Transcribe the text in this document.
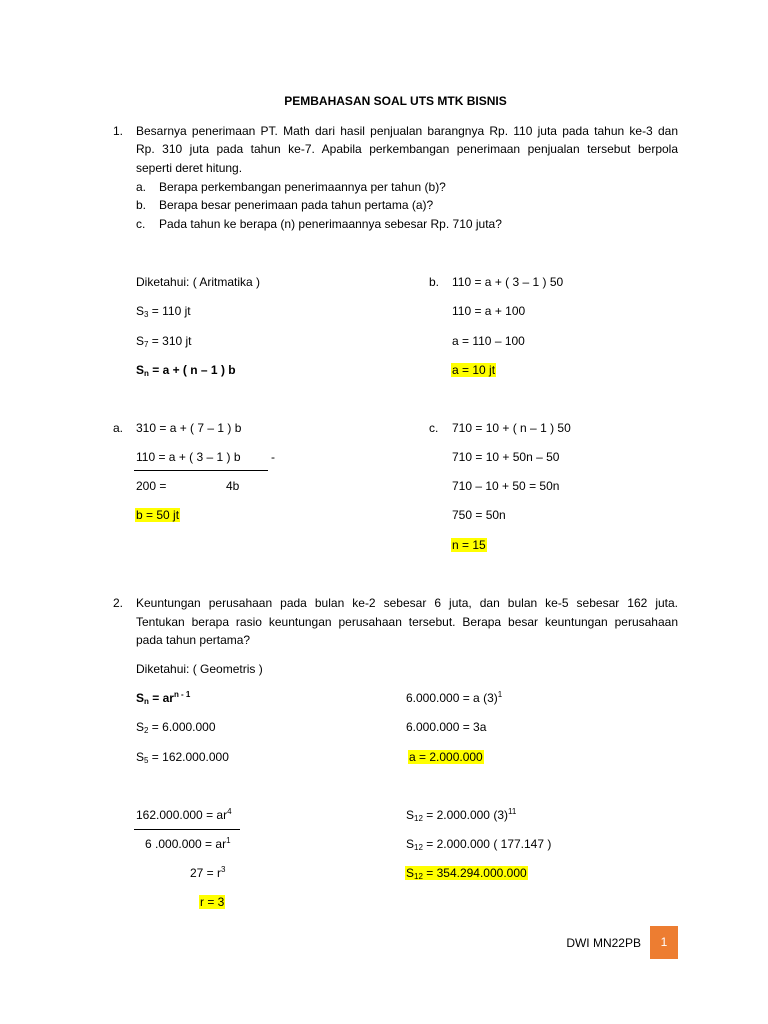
PEMBAHASAN SOAL UTS MTK BISNIS
1. Besarnya penerimaan PT. Math dari hasil penjualan barangnya Rp. 110 juta pada tahun ke-3 dan
Rp. 310 juta pada tahun ke-7. Apabila perkembangan penerimaan penjualan tersebut berpola
seperti deret hitung.
a. Berapa perkembangan penerimaannya per tahun (b)?
b. Berapa besar penerimaan pada tahun pertama (a)?
c. Pada tahun ke berapa (n) penerimaannya sebesar Rp. 710 juta?
Diketahui: ( Aritmatika )
$S_3 = 110$ jt
$S_7 = 310$ jt
$S_n = a$ + ( n – 1 ) b
b. 110 = a + ( 3 – 1 ) 50
110 = a + 100
a = 110 – 100
a = 10 jt
a. 310 = a + ( 7 – 1 ) b
110 = a + ( 3 – 1 ) b	-
200 =	4b
b = 50 jt
c. 710 = 10 + ( n – 1 ) 50
710 = 10 + 50n – 50
710 – 10 + 50 = 50n
750 = 50n
n = 15
2. Keuntungan perusahaan pada bulan ke-2 sebesar 6 juta, dan bulan ke-5 sebesar 162 juta.
Tentukan berapa rasio keuntungan perusahaan tersebut. Berapa besar keuntungan perusahaan
pada tahun pertama?
Diketahui: ( Geometris )
$S_n = ar^{n - 1}$
$S_2 = 6.000.000$
$S_5 = 162.000.000$
6.000.000 = a $(3)^1$
6.000.000 = 3a
a = 2.000.000
$162.000.000 = ar^4$
6 $.000.000 = ar^1$
$27 = r^3$
r = 3
$S_{12} = 2.000.000$ $(3)^{11}$
$S_{12} = 2.000.000$ ( 177.147 )
$S_{12} = 354.294.000.000$
DWI MN22PB	1
